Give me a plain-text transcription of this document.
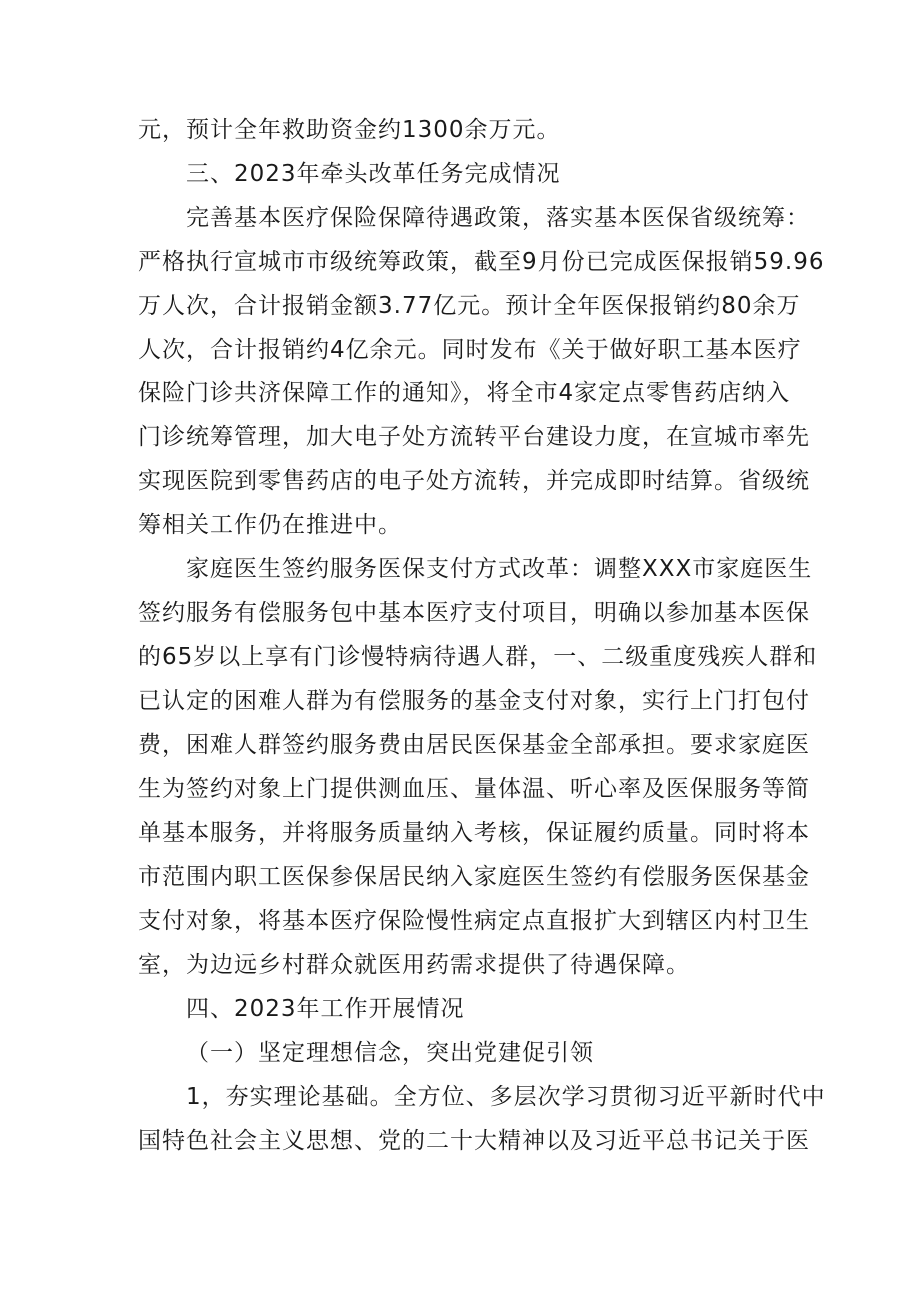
元，预计全年救助资金约1300余万元。
三、2023年牵头改革任务完成情况
完善基本医疗保险保障待遇政策，落实基本医保省级统筹：
严格执行宣城市市级统筹政策，截至9月份已完成医保报销59.96
万人次，合计报销金额3.77亿元。预计全年医保报销约80余万
人次，合计报销约4亿余元。同时发布《关于做好职工基本医疗
保险门诊共济保障工作的通知》，将全市4家定点零售药店纳入
门诊统筹管理，加大电子处方流转平台建设力度，在宣城市率先
实现医院到零售药店的电子处方流转，并完成即时结算。省级统
筹相关工作仍在推进中。
家庭医生签约服务医保支付方式改革：调整XXX市家庭医生
签约服务有偿服务包中基本医疗支付项目，明确以参加基本医保
的65岁以上享有门诊慢特病待遇人群，一、二级重度残疾人群和
已认定的困难人群为有偿服务的基金支付对象，实行上门打包付
费，困难人群签约服务费由居民医保基金全部承担。要求家庭医
生为签约对象上门提供测血压、量体温、听心率及医保服务等简
单基本服务，并将服务质量纳入考核，保证履约质量。同时将本
市范围内职工医保参保居民纳入家庭医生签约有偿服务医保基金
支付对象，将基本医疗保险慢性病定点直报扩大到辖区内村卫生
室，为边远乡村群众就医用药需求提供了待遇保障。
四、2023年工作开展情况
（一）坚定理想信念，突出党建促引领
1，夯实理论基础。全方位、多层次学习贯彻习近平新时代中
国特色社会主义思想、党的二十大精神以及习近平总书记关于医
